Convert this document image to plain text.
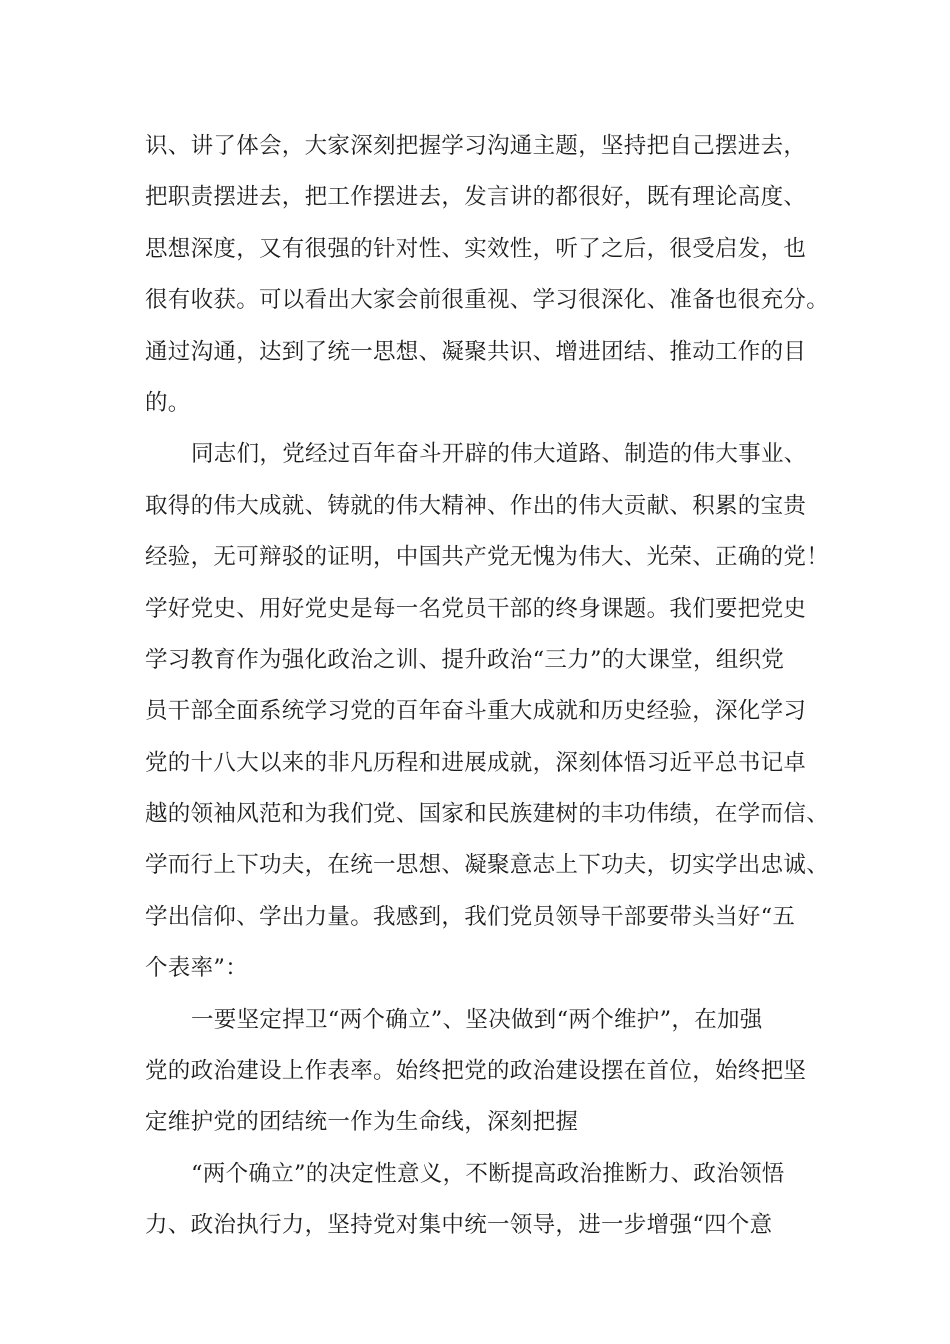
识、讲了体会，大家深刻把握学习沟通主题，坚持把自己摆进去，
把职责摆进去，把工作摆进去，发言讲的都很好，既有理论高度、
思想深度，又有很强的针对性、实效性，听了之后，很受启发，也
很有收获。可以看出大家会前很重视、学习很深化、准备也很充分。
通过沟通，达到了统一思想、凝聚共识、增进团结、推动工作的目
的。
同志们，党经过百年奋斗开辟的伟大道路、制造的伟大事业、
取得的伟大成就、铸就的伟大精神、作出的伟大贡献、积累的宝贵
经验，无可辩驳的证明，中国共产党无愧为伟大、光荣、正确的党！
学好党史、用好党史是每一名党员干部的终身课题。我们要把党史
学习教育作为强化政治之训、提升政治“三力”的大课堂，组织党
员干部全面系统学习党的百年奋斗重大成就和历史经验，深化学习
党的十八大以来的非凡历程和进展成就，深刻体悟习近平总书记卓
越的领袖风范和为我们党、国家和民族建树的丰功伟绩，在学而信、
学而行上下功夫，在统一思想、凝聚意志上下功夫，切实学出忠诚、
学出信仰、学出力量。我感到，我们党员领导干部要带头当好“五
个表率”：
一要坚定捍卫“两个确立”、坚决做到“两个维护”，在加强
党的政治建设上作表率。始终把党的政治建设摆在首位，始终把坚
定维护党的团结统一作为生命线，深刻把握
“两个确立”的决定性意义，不断提高政治推断力、政治领悟
力、政治执行力，坚持党对集中统一领导，进一步增强“四个意
